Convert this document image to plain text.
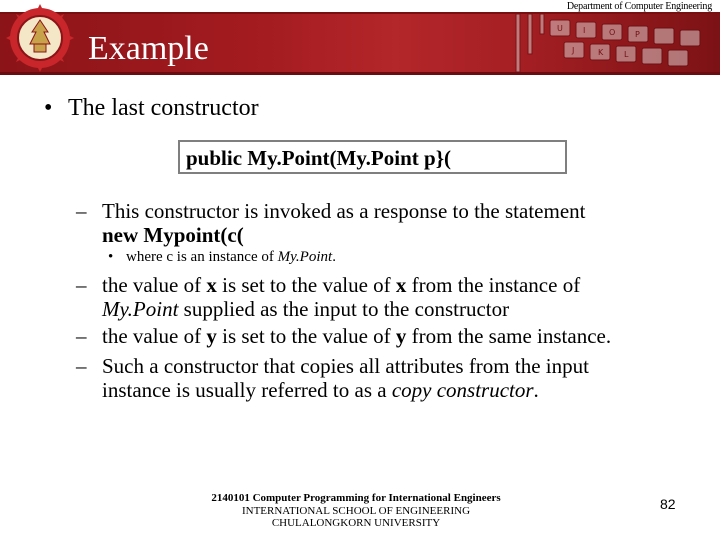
U	I	O P
J	K	L
Department of Computer Engineering
Example
• The last constructor
public My.Point(My.Point p}(
– This constructor is invoked as a response to the statement
new Mypoint(c(
• where c is an instance of My.Point.
– the value of x is set to the value of x from the instance of
My.Point supplied as the input to the constructor
– the value of y is set to the value of y from the same instance.
– Such a constructor that copies all attributes from the input
instance is usually referred to as a copy constructor.
2140101 Computer Programming for International Engineers
INTERNATIONAL SCHOOL OF ENGINEERING
CHULALONGKORN UNIVERSITY
82
